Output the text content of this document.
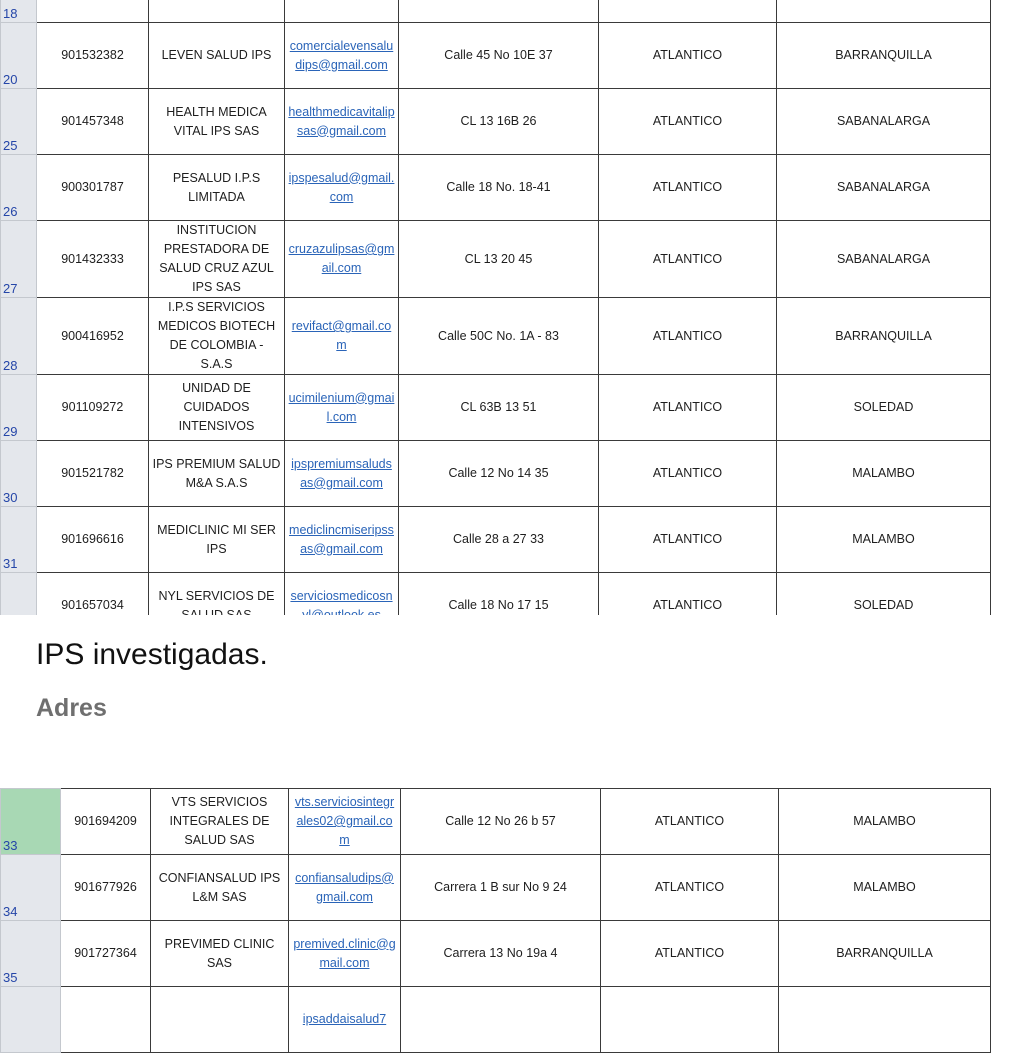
18			

20	901532382	LEVEN SALUD IPS	comercialevensaludips@gmail.com	Calle 45 No 10E 37	ATLANTICO	BARRANQUILLA
25	901457348	HEALTH MEDICA VITAL IPS SAS	healthmedicavitalipsas@gmail.com	CL 13 16B 26	ATLANTICO	SABANALARGA
26	900301787	PESALUD I.P.S LIMITADA	ipspesalud@gmail.com	Calle 18 No. 18-41	ATLANTICO	SABANALARGA
27	901432333	INSTITUCION PRESTADORA DE SALUD CRUZ AZUL IPS SAS	cruzazulipsas@gmail.com	CL 13 20 45	ATLANTICO	SABANALARGA
28	900416952	I.P.S SERVICIOS MEDICOS BIOTECH DE COLOMBIA - S.A.S	revifact@gmail.com	Calle 50C No. 1A - 83	ATLANTICO	BARRANQUILLA
29	901109272	UNIDAD DE CUIDADOS INTENSIVOS	ucimilenium@gmail.com	CL 63B 13 51	ATLANTICO	SOLEDAD
30	901521782	IPS PREMIUM SALUD M&A S.A.S	ipspremiumsaludsas@gmail.com	Calle 12 No 14 35	ATLANTICO	MALAMBO
31	901696616	MEDICLINIC MI SER IPS	mediclincmiseripssas@gmail.com	Calle 28 a 27 33	ATLANTICO	MALAMBO
	901657034	NYL SERVICIOS DE	serviciosmedicosn	Calle 18 No 17 15	ATLANTICO	SOLEDAD
IPS investigadas.
Adres
33	901694209	VTS SERVICIOS INTEGRALES DE SALUD SAS	vts.serviciosintegrales02@gmail.com	Calle 12 No 26 b 57	ATLANTICO	MALAMBO
34	901677926	CONFIANSALUD IPS L&M SAS	confiansaludips@gmail.com	Carrera 1 B sur No 9 24	ATLANTICO	MALAMBO
35	901727364	PREVIMED CLINIC SAS	premived.clinic@gmail.com	Carrera 13 No 19a 4	ATLANTICO	BARRANQUILLA

			ipsaddaisalud7			
